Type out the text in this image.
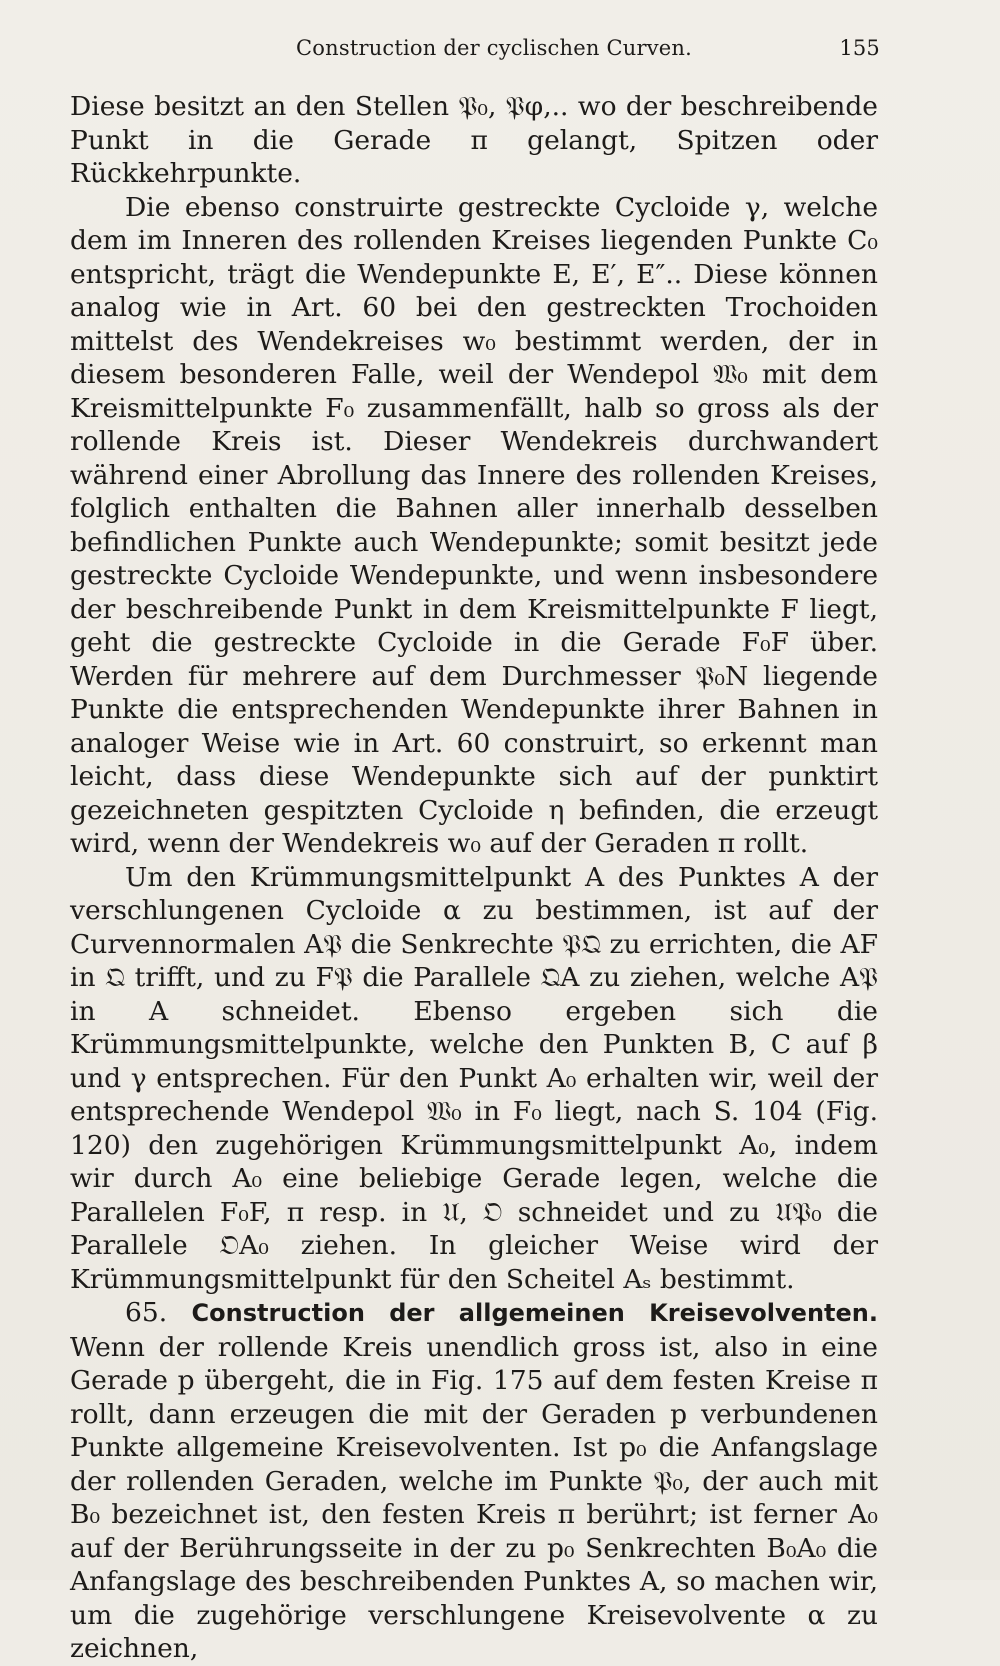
Construction der cyclischen Curven.	155

Diese besitzt an den Stellen 𝔓₀, 𝔓φ,.. wo der beschreibende Punkt in die Gerade π gelangt, Spitzen oder Rückkehrpunkte.

Die ebenso construirte gestreckte Cycloide γ, welche dem im Inneren des rollenden Kreises liegenden Punkte C₀ entspricht, trägt die Wendepunkte E, E′, E″.. Diese können analog wie in Art. 60 bei den gestreckten Trochoiden mittelst des Wendekreises w₀ bestimmt werden, der in diesem besonderen Falle, weil der Wendepol 𝔚₀ mit dem Kreismittelpunkte F₀ zusammenfällt, halb so gross als der rollende Kreis ist. Dieser Wendekreis durchwandert während einer Abrollung das Innere des rollenden Kreises, folglich enthalten die Bahnen aller innerhalb desselben befindlichen Punkte auch Wendepunkte; somit besitzt jede gestreckte Cycloide Wendepunkte, und wenn insbesondere der beschreibende Punkt in dem Kreismittelpunkte F liegt, geht die gestreckte Cycloide in die Gerade F₀F über. Werden für mehrere auf dem Durchmesser 𝔓₀N liegende Punkte die entsprechenden Wendepunkte ihrer Bahnen in analoger Weise wie in Art. 60 construirt, so erkennt man leicht, dass diese Wendepunkte sich auf der punktirt gezeichneten gespitzten Cycloide η befinden, die erzeugt wird, wenn der Wendekreis w₀ auf der Geraden π rollt.

Um den Krümmungsmittelpunkt A des Punktes A der verschlungenen Cycloide α zu bestimmen, ist auf der Curvennormalen A𝔓 die Senkrechte 𝔓𝔔 zu errichten, die AF in 𝔔 trifft, und zu F𝔓 die Parallele 𝔔A zu ziehen, welche A𝔓 in A schneidet. Ebenso ergeben sich die Krümmungsmittelpunkte, welche den Punkten B, C auf β und γ entsprechen. Für den Punkt A₀ erhalten wir, weil der entsprechende Wendepol 𝔚₀ in F₀ liegt, nach S. 104 (Fig. 120) den zugehörigen Krümmungsmittelpunkt A₀, indem wir durch A₀ eine beliebige Gerade legen, welche die Parallelen F₀F, π resp. in 𝔘, 𝔒 schneidet und zu 𝔘𝔓₀ die Parallele 𝔒A₀ ziehen. In gleicher Weise wird der Krümmungsmittelpunkt für den Scheitel Aₛ bestimmt.

65. Construction der allgemeinen Kreisevolventen. Wenn der rollende Kreis unendlich gross ist, also in eine Gerade p übergeht, die in Fig. 175 auf dem festen Kreise π rollt, dann erzeugen die mit der Geraden p verbundenen Punkte allgemeine Kreisevolventen. Ist p₀ die Anfangslage der rollenden Geraden, welche im Punkte 𝔓₀, der auch mit B₀ bezeichnet ist, den festen Kreis π berührt; ist ferner A₀ auf der Berührungsseite in der zu p₀ Senkrechten B₀A₀ die Anfangslage des beschreibenden Punktes A, so machen wir, um die zugehörige verschlungene Kreisevolvente α zu zeichnen,
